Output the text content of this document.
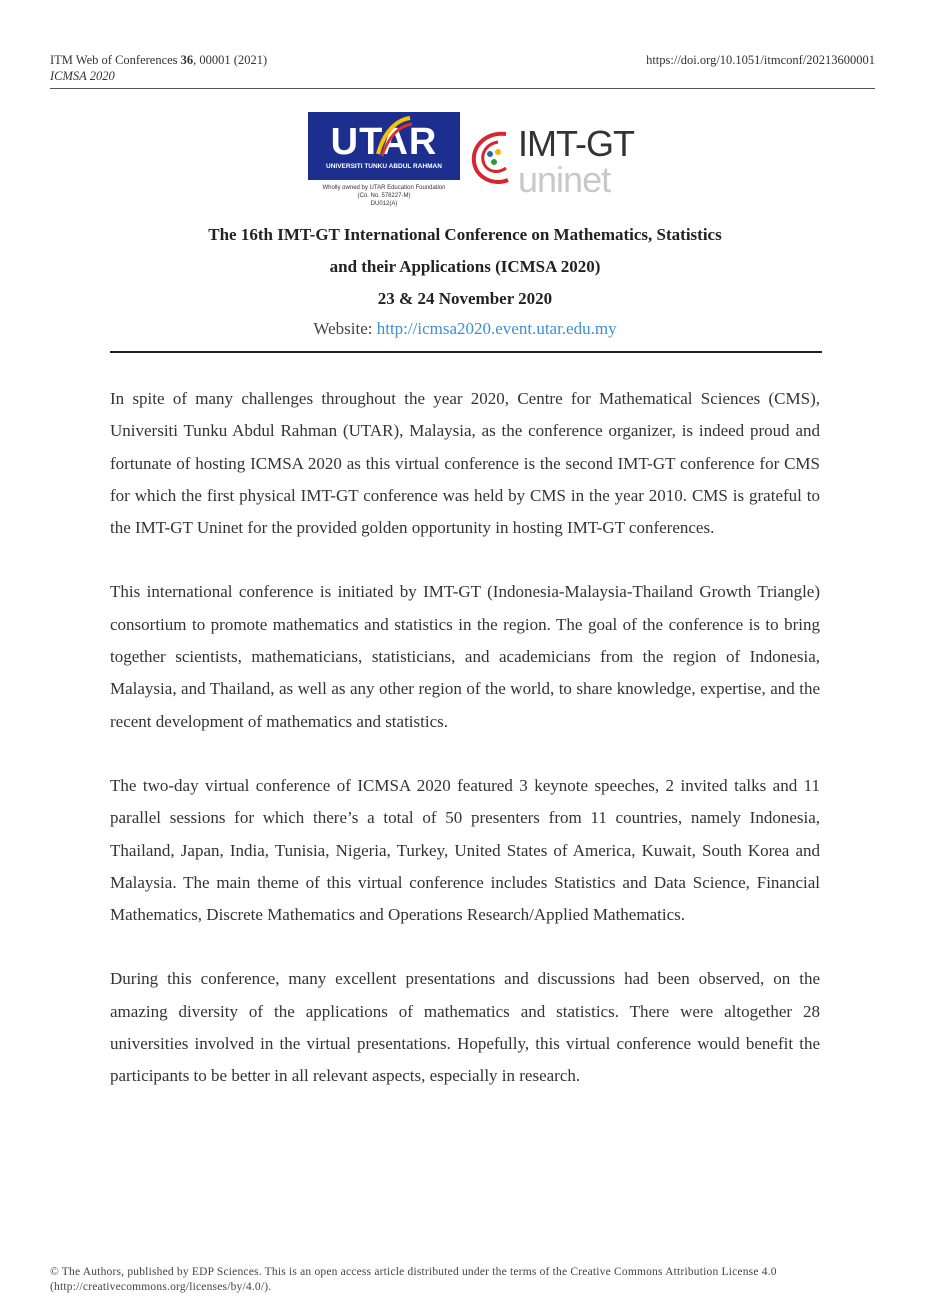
ITM Web of Conferences 36, 00001 (2021)
ICMSA 2020
https://doi.org/10.1051/itmconf/20213600001
UTAR
UNIVERSITI TUNKU ABDUL RAHMAN
Wholly owned by UTAR Education Foundation
(Co. No. 578227-M)
DU012(A)
IMT-GT
uninet
The 16th IMT-GT International Conference on Mathematics, Statistics
and their Applications (ICMSA 2020)
23 & 24 November 2020
Website: http://icmsa2020.event.utar.edu.my

In spite of many challenges throughout the year 2020, Centre for Mathematical Sciences (CMS), Universiti Tunku Abdul Rahman (UTAR), Malaysia, as the conference organizer, is indeed proud and fortunate of hosting ICMSA 2020 as this virtual conference is the second IMT-GT conference for CMS for which the first physical IMT-GT conference was held by CMS in the year 2010. CMS is grateful to the IMT-GT Uninet for the provided golden opportunity in hosting IMT-GT conferences.

This international conference is initiated by IMT-GT (Indonesia-Malaysia-Thailand Growth Triangle) consortium to promote mathematics and statistics in the region. The goal of the conference is to bring together scientists, mathematicians, statisticians, and academicians from the region of Indonesia, Malaysia, and Thailand, as well as any other region of the world, to share knowledge, expertise, and the recent development of mathematics and statistics.

The two-day virtual conference of ICMSA 2020 featured 3 keynote speeches, 2 invited talks and 11 parallel sessions for which there’s a total of 50 presenters from 11 countries, namely Indonesia, Thailand, Japan, India, Tunisia, Nigeria, Turkey, United States of America, Kuwait, South Korea and Malaysia. The main theme of this virtual conference includes Statistics and Data Science, Financial Mathematics, Discrete Mathematics and Operations Research/Applied Mathematics.

During this conference, many excellent presentations and discussions had been observed, on the amazing diversity of the applications of mathematics and statistics. There were altogether 28 universities involved in the virtual presentations. Hopefully, this virtual conference would benefit the participants to be better in all relevant aspects, especially in research.

© The Authors, published by EDP Sciences. This is an open access article distributed under the terms of the Creative Commons Attribution License 4.0
(http://creativecommons.org/licenses/by/4.0/).
